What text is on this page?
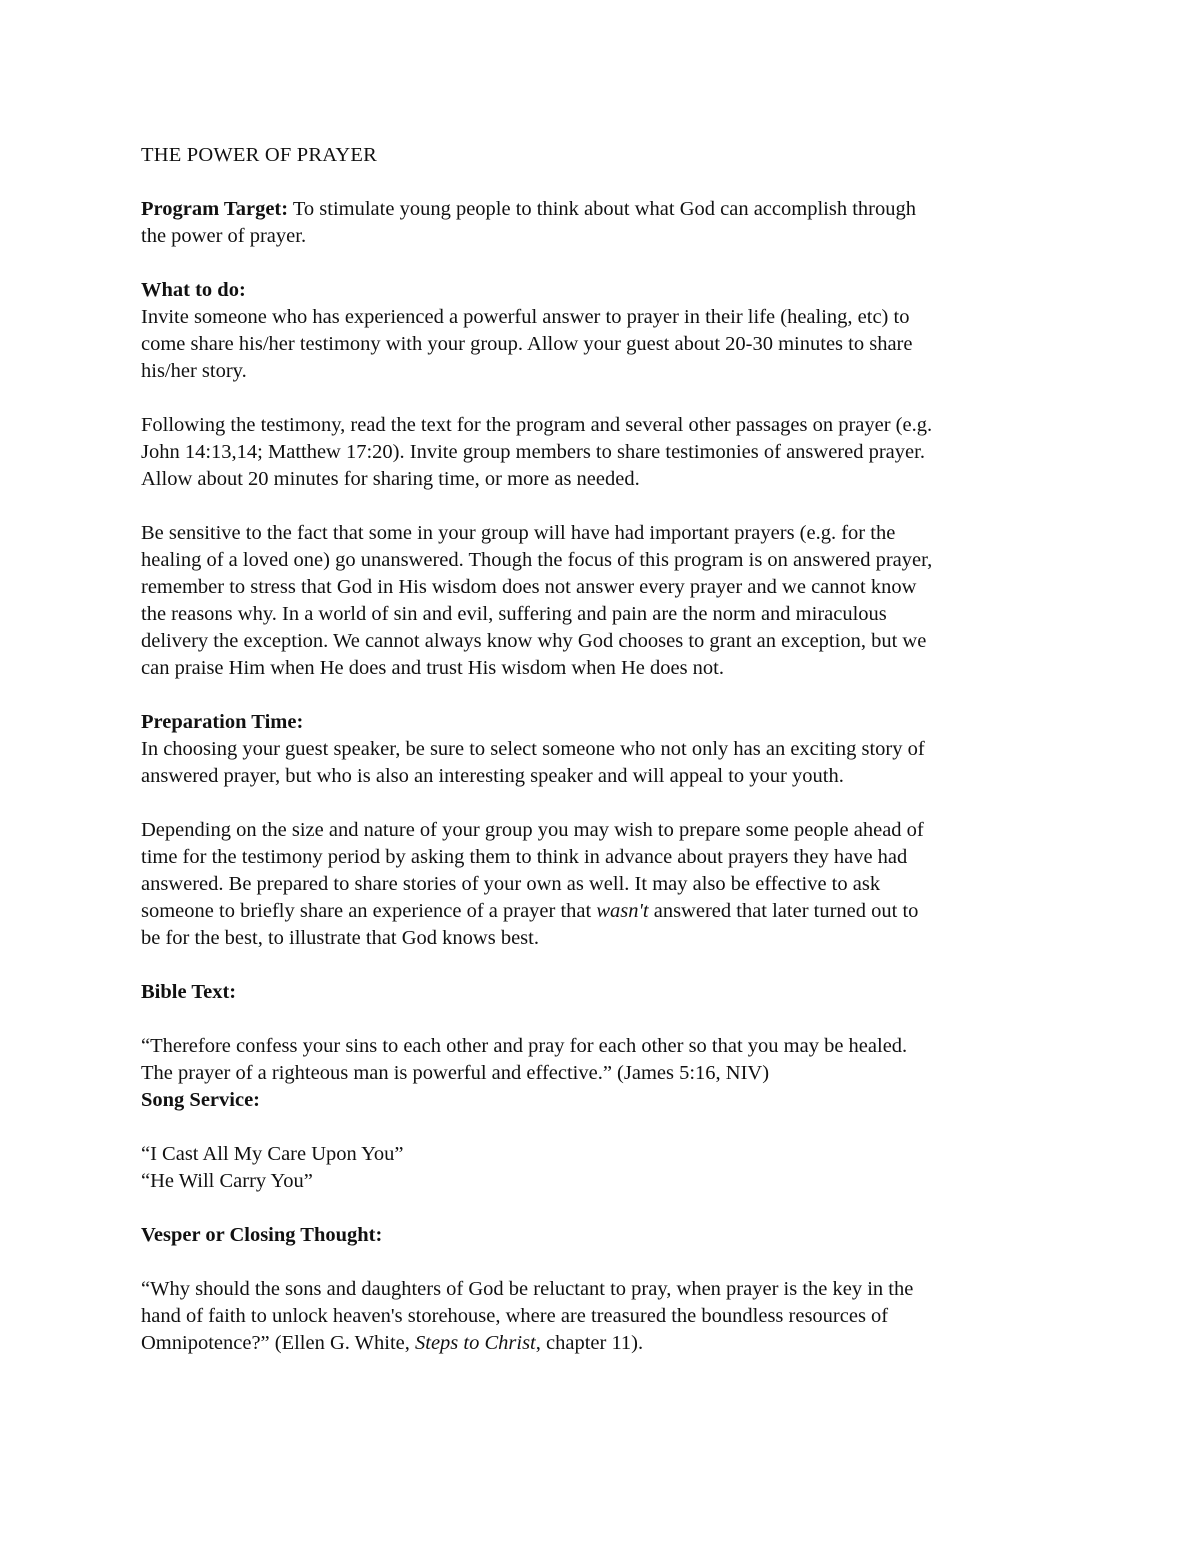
THE POWER OF PRAYER
Program Target: To stimulate young people to think about what God can accomplish through
the power of prayer.
What to do:
Invite someone who has experienced a powerful answer to prayer in their life (healing, etc) to
come share his/her testimony with your group. Allow your guest about 20-30 minutes to share
his/her story.
Following the testimony, read the text for the program and several other passages on prayer (e.g.
John 14:13,14; Matthew 17:20). Invite group members to share testimonies of answered prayer.
Allow about 20 minutes for sharing time, or more as needed.
Be sensitive to the fact that some in your group will have had important prayers (e.g. for the
healing of a loved one) go unanswered. Though the focus of this program is on answered prayer,
remember to stress that God in His wisdom does not answer every prayer and we cannot know
the reasons why. In a world of sin and evil, suffering and pain are the norm and miraculous
delivery the exception. We cannot always know why God chooses to grant an exception, but we
can praise Him when He does and trust His wisdom when He does not.
Preparation Time:
In choosing your guest speaker, be sure to select someone who not only has an exciting story of
answered prayer, but who is also an interesting speaker and will appeal to your youth.
Depending on the size and nature of your group you may wish to prepare some people ahead of
time for the testimony period by asking them to think in advance about prayers they have had
answered. Be prepared to share stories of your own as well. It may also be effective to ask
someone to briefly share an experience of a prayer that wasn't answered that later turned out to
be for the best, to illustrate that God knows best.
Bible Text:
“Therefore confess your sins to each other and pray for each other so that you may be healed.
The prayer of a righteous man is powerful and effective.” (James 5:16, NIV)
Song Service:
“I Cast All My Care Upon You”
“He Will Carry You”
Vesper or Closing Thought:
“Why should the sons and daughters of God be reluctant to pray, when prayer is the key in the
hand of faith to unlock heaven's storehouse, where are treasured the boundless resources of
Omnipotence?” (Ellen G. White, Steps to Christ, chapter 11).
